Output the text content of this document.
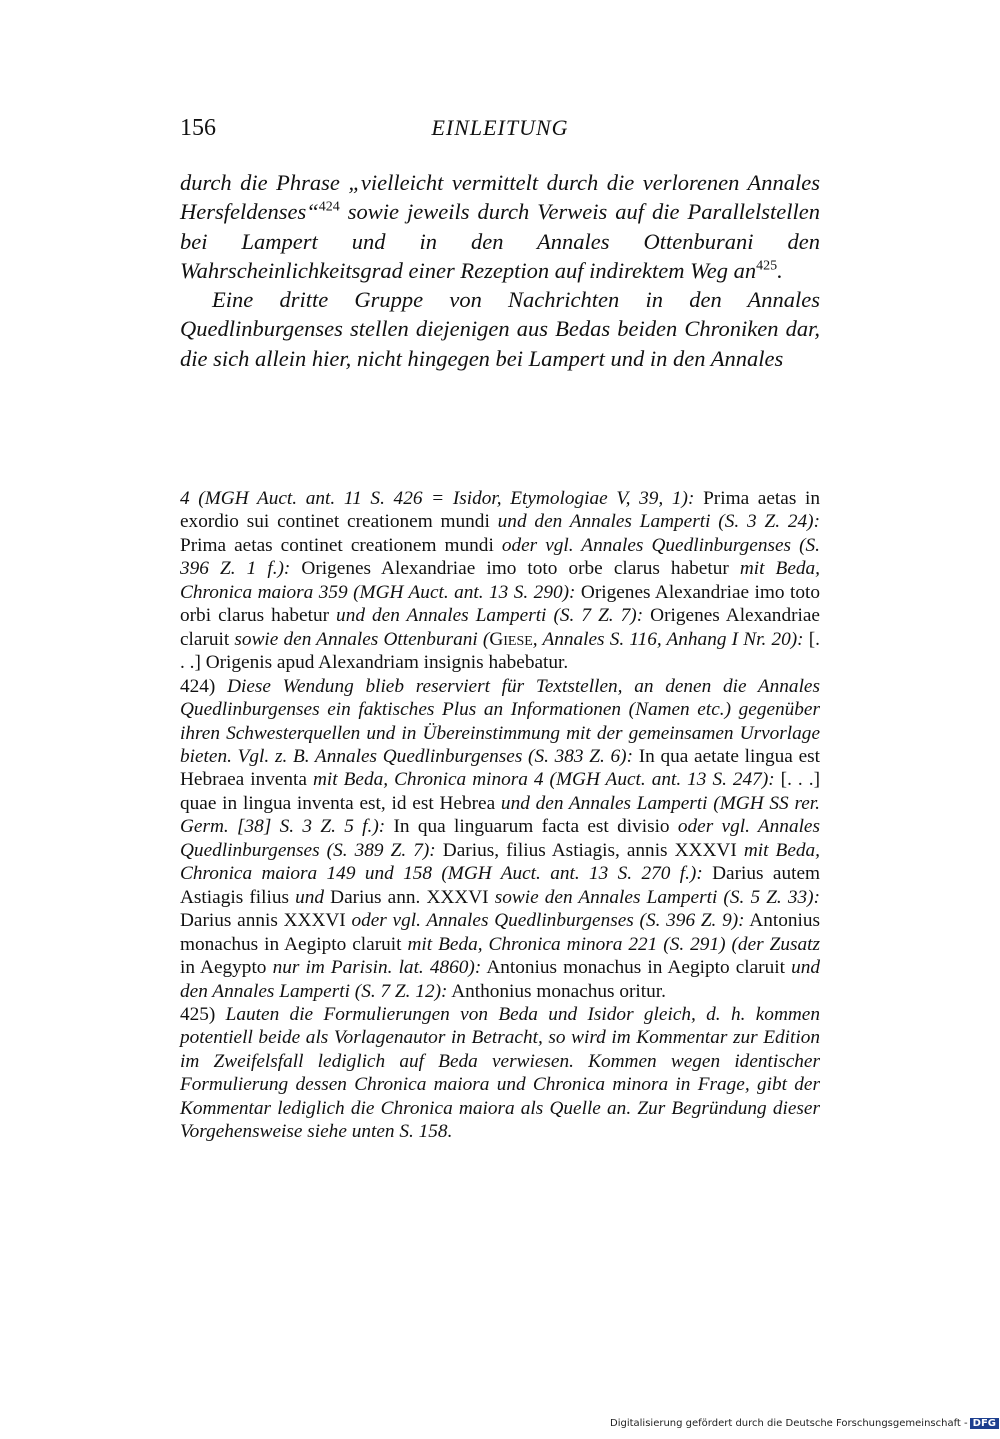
156	EINLEITUNG

durch die Phrase „vielleicht vermittelt durch die verlorenen Annales Hersfeldenses“$^{424}$ sowie jeweils durch Verweis auf die Parallelstellen bei Lampert und in den Annales Ottenburani den Wahrscheinlichkeitsgrad einer Rezeption auf indirektem Weg $an^{425}$.

Eine dritte Gruppe von Nachrichten in den Annales Quedlinburgenses stellen diejenigen aus Bedas beiden Chroniken dar, die sich allein hier, nicht hingegen bei Lampert und in den Annales

4 (MGH Auct. ant. 11 S. 426 = Isidor, Etymologiae V, 39, 1): Prima aetas in exordio sui continet creationem mundi und den Annales Lamperti (S. 3 Z. 24): Prima aetas continet creationem mundi oder vgl. Annales Quedlinburgenses (S. 396 Z. 1 f.): Origenes Alexandriae imo toto orbe clarus habetur mit Beda, Chronica maiora 359 (MGH Auct. ant. 13 S. 290): Origenes Alexandriae imo toto orbi clarus habetur und den Annales Lamperti (S. 7 Z. 7): Origenes Alexandriae claruit sowie den Annales Ottenburani (Giese, Annales S. 116, Anhang I Nr. 20): [. . .] Origenis apud Alexandriam insignis habebatur.

424) Diese Wendung blieb reserviert für Textstellen, an denen die Annales Quedlinburgenses ein faktisches Plus an Informationen (Namen etc.) gegenüber ihren Schwesterquellen und in Übereinstimmung mit der gemeinsamen Urvorlage bieten. Vgl. z. B. Annales Quedlinburgenses (S. 383 Z. 6): In qua aetate lingua est Hebraea inventa mit Beda, Chronica minora 4 (MGH Auct. ant. 13 S. 247): [. . .] quae in lingua inventa est, id est Hebrea und den Annales Lamperti (MGH SS rer. Germ. [38] S. 3 Z. 5 f.): In qua linguarum facta est divisio oder vgl. Annales Quedlinburgenses (S. 389 Z. 7): Darius, filius Astiagis, annis XXXVI mit Beda, Chronica maiora 149 und 158 (MGH Auct. ant. 13 S. 270 f.): Darius autem Astiagis filius und Darius ann. XXXVI sowie den Annales Lamperti (S. 5 Z. 33): Darius annis XXXVI oder vgl. Annales Quedlinburgenses (S. 396 Z. 9): Antonius monachus in Aegipto claruit mit Beda, Chronica minora 221 (S. 291) (der Zusatz in Aegypto nur im Parisin. lat. 4860): Antonius monachus in Aegipto claruit und den Annales Lamperti (S. 7 Z. 12): Anthonius monachus oritur.

425) Lauten die Formulierungen von Beda und Isidor gleich, d. h. kommen potentiell beide als Vorlagenautor in Betracht, so wird im Kommentar zur Edition im Zweifelsfall lediglich auf Beda verwiesen. Kommen wegen identischer Formulierung dessen Chronica maiora und Chronica minora in Frage, gibt der Kommentar lediglich die Chronica maiora als Quelle an. Zur Begründung dieser Vorgehensweise siehe unten S. 158.

Digitalisierung gefördert durch die Deutsche Forschungsgemeinschaft - DFG
